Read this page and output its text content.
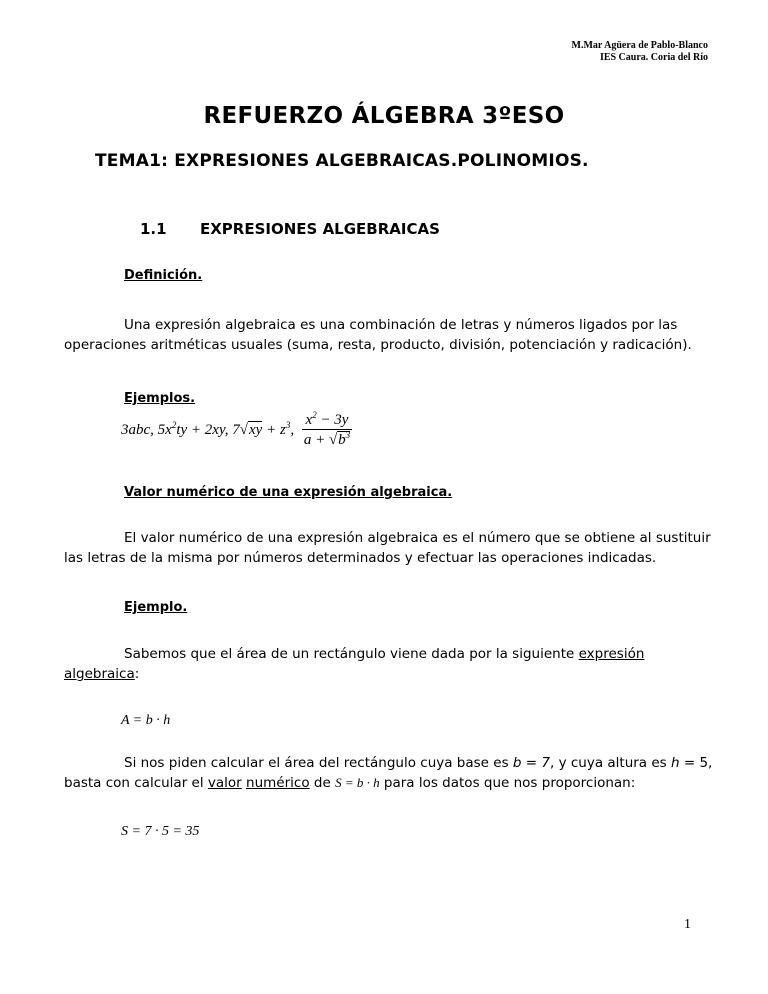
M.Mar Agüera de Pablo-Blanco
IES Caura. Coria del Río
REFUERZO ÁLGEBRA 3ºESO
TEMA1: EXPRESIONES ALGEBRAICAS.POLINOMIOS.
1.1 EXPRESIONES ALGEBRAICAS
Definición.
Una expresión algebraica es una combinación de letras y números ligados por las operaciones aritméticas usuales (suma, resta, producto, división, potenciación y radicación).
Ejemplos.
3abc, $5x^2ty + 2xy$, $7√xy + z^3$, $\frac{x^2 - 3y}{a + √b^3}$
Valor numérico de una expresión algebraica.
El valor numérico de una expresión algebraica es el número que se obtiene al sustituir las letras de la misma por números determinados y efectuar las operaciones indicadas.
Ejemplo.
Sabemos que el área de un rectángulo viene dada por la siguiente expresión algebraica:
A = b · h
Si nos piden calcular el área del rectángulo cuya base es b = 7, y cuya altura es h = 5, basta con calcular el valor numérico de S = b · h para los datos que nos proporcionan:
S = 7 · 5 = 35
1
